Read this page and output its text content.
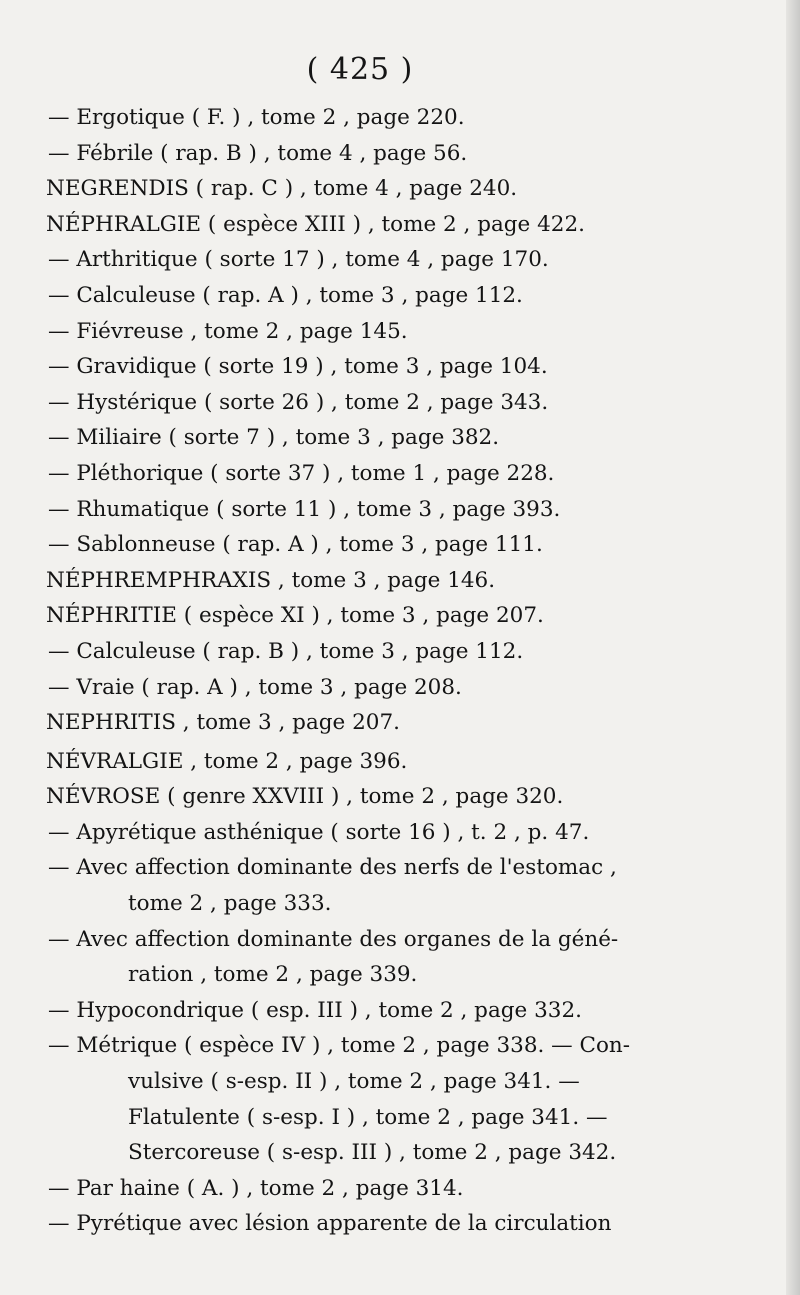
( 425 )
— Ergotique ( F. ) , tome 2 , page 220.
— Fébrile ( rap. B ) , tome 4 , page 56.
NEGRENDIS ( rap. C ) , tome 4 , page 240.
NÉPHRALGIE ( espèce XIII ) , tome 2 , page 422.
— Arthritique ( sorte 17 ) , tome 4 , page 170.
— Calculeuse ( rap. A ) , tome 3 , page 112.
— Fiévreuse , tome 2 , page 145.
— Gravidique ( sorte 19 ) , tome 3 , page 104.
— Hystérique ( sorte 26 ) , tome 2 , page 343.
— Miliaire ( sorte 7 ) , tome 3 , page 382.
— Pléthorique ( sorte 37 ) , tome 1 , page 228.
— Rhumatique ( sorte 11 ) , tome 3 , page 393.
— Sablonneuse ( rap. A ) , tome 3 , page 111.
NÉPHREMPHRAXIS , tome 3 , page 146.
NÉPHRITIE ( espèce XI ) , tome 3 , page 207.
— Calculeuse ( rap. B ) , tome 3 , page 112.
— Vraie ( rap. A ) , tome 3 , page 208.
NEPHRITIS , tome 3 , page 207.
NÉVRALGIE , tome 2 , page 396.
NÉVROSE ( genre XXVIII ) , tome 2 , page 320.
— Apyrétique asthénique ( sorte 16 ) , t. 2 , p. 47.
— Avec affection dominante des nerfs de l'estomac ,
tome 2 , page 333.
— Avec affection dominante des organes de la géné-
ration , tome 2 , page 339.
— Hypocondrique ( esp. III ) , tome 2 , page 332.
— Métrique ( espèce IV ) , tome 2 , page 338. — Con-
vulsive ( s-esp. II ) , tome 2 , page 341. —
Flatulente ( s-esp. I ) , tome 2 , page 341. —
Stercoreuse ( s-esp. III ) , tome 2 , page 342.
— Par haine ( A. ) , tome 2 , page 314.
— Pyrétique avec lésion apparente de la circulation
